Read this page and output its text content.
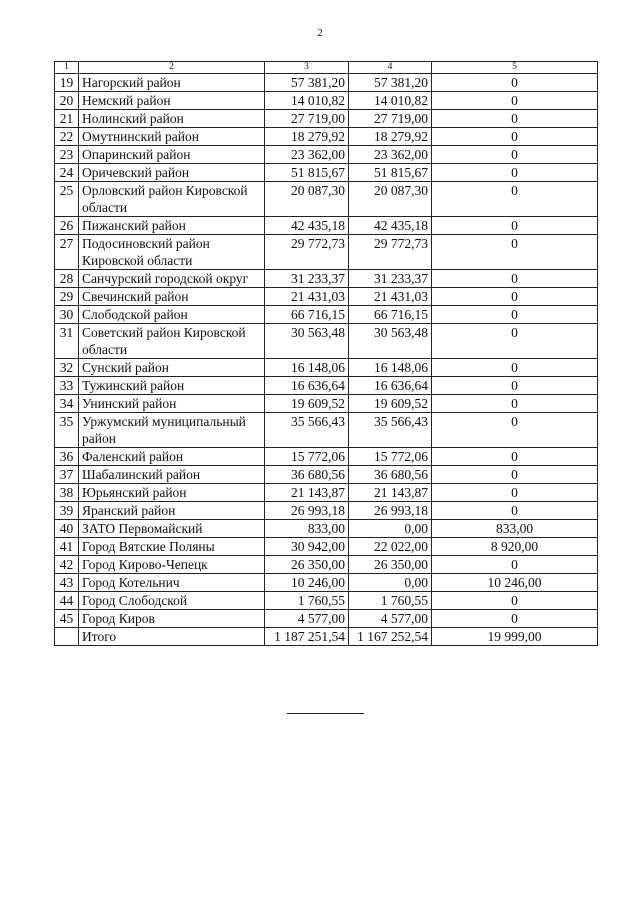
2
1	2	3	4	5
19	Нагорский район	57 381,20	57 381,20	0
20	Немский район	14 010,82	14 010,82	0
21	Нолинский район	27 719,00	27 719,00	0
22	Омутнинский район	18 279,92	18 279,92	0
23	Опаринский район	23 362,00	23 362,00	0
24	Оричевский район	51 815,67	51 815,67	0
25	Орловский район Кировской области	20 087,30	20 087,30	0
26	Пижанский район	42 435,18	42 435,18	0
27	Подосиновский район Кировской области	29 772,73	29 772,73	0
28	Санчурский городской округ	31 233,37	31 233,37	0
29	Свечинский район	21 431,03	21 431,03	0
30	Слободской район	66 716,15	66 716,15	0
31	Советский район Кировской области	30 563,48	30 563,48	0
32	Сунский район	16 148,06	16 148,06	0
33	Тужинский район	16 636,64	16 636,64	0
34	Унинский район	19 609,52	19 609,52	0
35	Уржумский муниципальный район	35 566,43	35 566,43	0
36	Фаленский район	15 772,06	15 772,06	0
37	Шабалинский район	36 680,56	36 680,56	0
38	Юрьянский район	21 143,87	21 143,87	0
39	Яранский район	26 993,18	26 993,18	0
40	ЗАТО Первомайский	833,00	0,00	833,00
41	Город Вятские Поляны	30 942,00	22 022,00	8 920,00
42	Город Кирово-Чепецк	26 350,00	26 350,00	0
43	Город Котельнич	10 246,00	0,00	10 246,00
44	Город Слободской	1 760,55	1 760,55	0
45	Город Киров	4 577,00	4 577,00	0
	Итого	1 187 251,54	1 167 252,54	19 999,00
